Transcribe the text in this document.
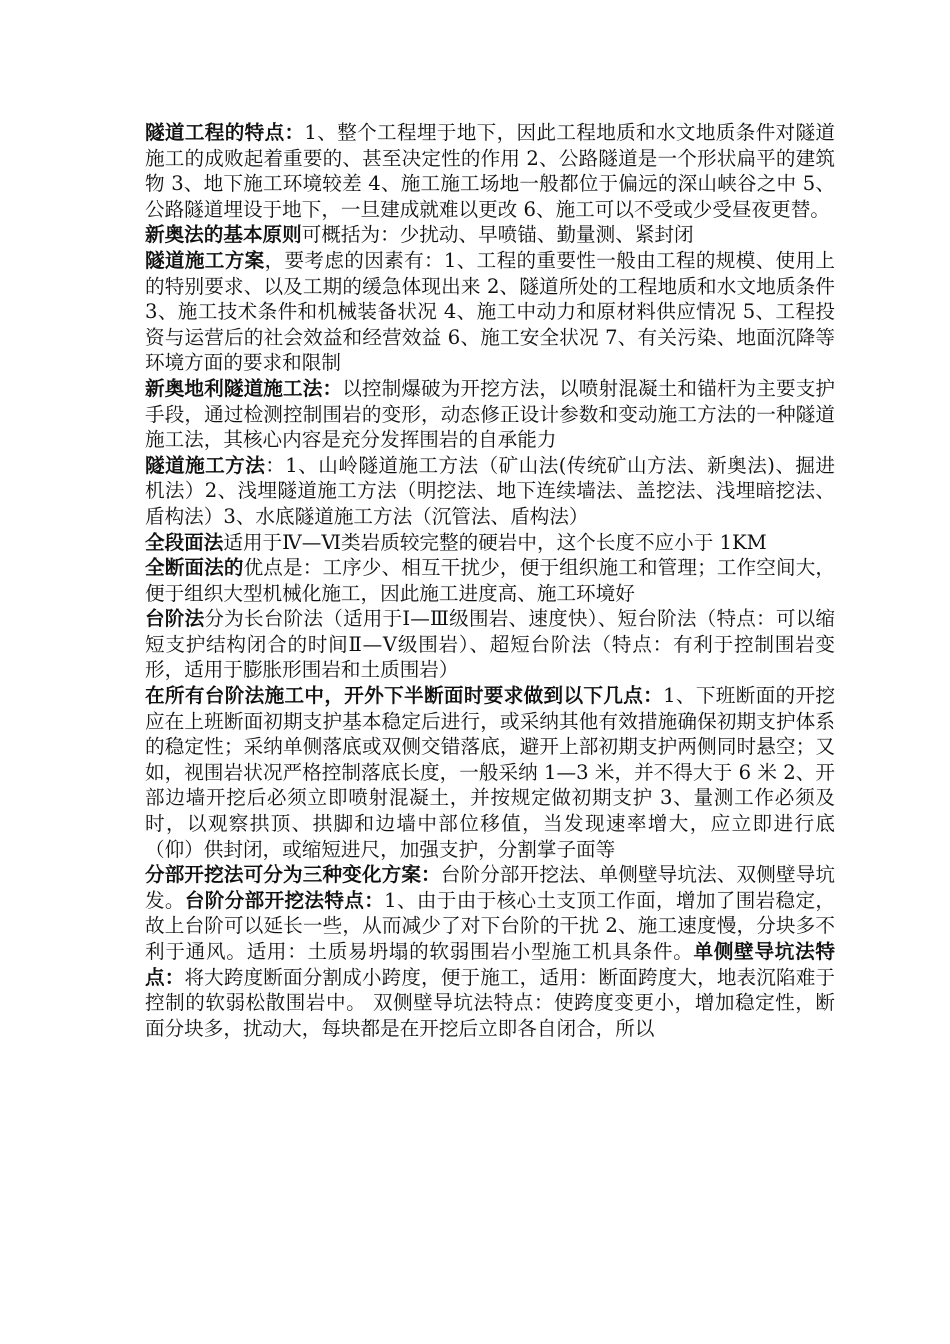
隧道工程的特点：1、整个工程埋于地下，因此工程地质和水文地质条件对隧道施工的成败起着重要的、甚至决定性的作用 2、公路隧道是一个形状扁平的建筑物 3、地下施工环境较差 4、施工施工场地一般都位于偏远的深山峡谷之中 5、公路隧道埋设于地下，一旦建成就难以更改 6、施工可以不受或少受昼夜更替。

新奥法的基本原则可概括为：少扰动、早喷锚、勤量测、紧封闭

隧道施工方案，要考虑的因素有：1、工程的重要性一般由工程的规模、使用上的特别要求、以及工期的缓急体现出来 2、隧道所处的工程地质和水文地质条件 3、施工技术条件和机械装备状况 4、施工中动力和原材料供应情况 5、工程投资与运营后的社会效益和经营效益 6、施工安全状况 7、有关污染、地面沉降等环境方面的要求和限制

新奥地利隧道施工法：以控制爆破为开挖方法，以喷射混凝土和锚杆为主要支护手段，通过检测控制围岩的变形，动态修正设计参数和变动施工方法的一种隧道施工法，其核心内容是充分发挥围岩的自承能力

隧道施工方法：1、山岭隧道施工方法（矿山法(传统矿山方法、新奥法)、掘进机法）2、浅埋隧道施工方法（明挖法、地下连续墙法、盖挖法、浅埋暗挖法、盾构法）3、水底隧道施工方法（沉管法、盾构法）

全段面法适用于Ⅳ—Ⅵ类岩质较完整的硬岩中，这个长度不应小于 1KM

全断面法的优点是：工序少、相互干扰少，便于组织施工和管理；工作空间大，便于组织大型机械化施工，因此施工进度高、施工环境好

台阶法分为长台阶法（适用于Ⅰ—Ⅲ级围岩、速度快）、短台阶法（特点：可以缩短支护结构闭合的时间Ⅱ—Ⅴ级围岩）、超短台阶法（特点：有利于控制围岩变形，适用于膨胀形围岩和土质围岩）

在所有台阶法施工中，开外下半断面时要求做到以下几点：1、下班断面的开挖应在上班断面初期支护基本稳定后进行，或采纳其他有效措施确保初期支护体系的稳定性；采纳单侧落底或双侧交错落底，避开上部初期支护两侧同时悬空；又如，视围岩状况严格控制落底长度，一般采纳 1—3 米，并不得大于 6 米 2、开部边墙开挖后必须立即喷射混凝土，并按规定做初期支护 3、量测工作必须及时，以观察拱顶、拱脚和边墙中部位移值，当发现速率增大，应立即进行底（仰）供封闭，或缩短进尺，加强支护，分割掌子面等

分部开挖法可分为三种变化方案：台阶分部开挖法、单侧壁导坑法、双侧壁导坑发。台阶分部开挖法特点：1、由于由于核心土支顶工作面，增加了围岩稳定，故上台阶可以延长一些，从而减少了对下台阶的干扰 2、施工速度慢，分块多不利于通风。适用：土质易坍塌的软弱围岩小型施工机具条件。单侧壁导坑法特点：将大跨度断面分割成小跨度，便于施工，适用：断面跨度大，地表沉陷难于控制的软弱松散围岩中。 双侧壁导坑法特点：使跨度变更小，增加稳定性，断面分块多，扰动大，每块都是在开挖后立即各自闭合，所以
